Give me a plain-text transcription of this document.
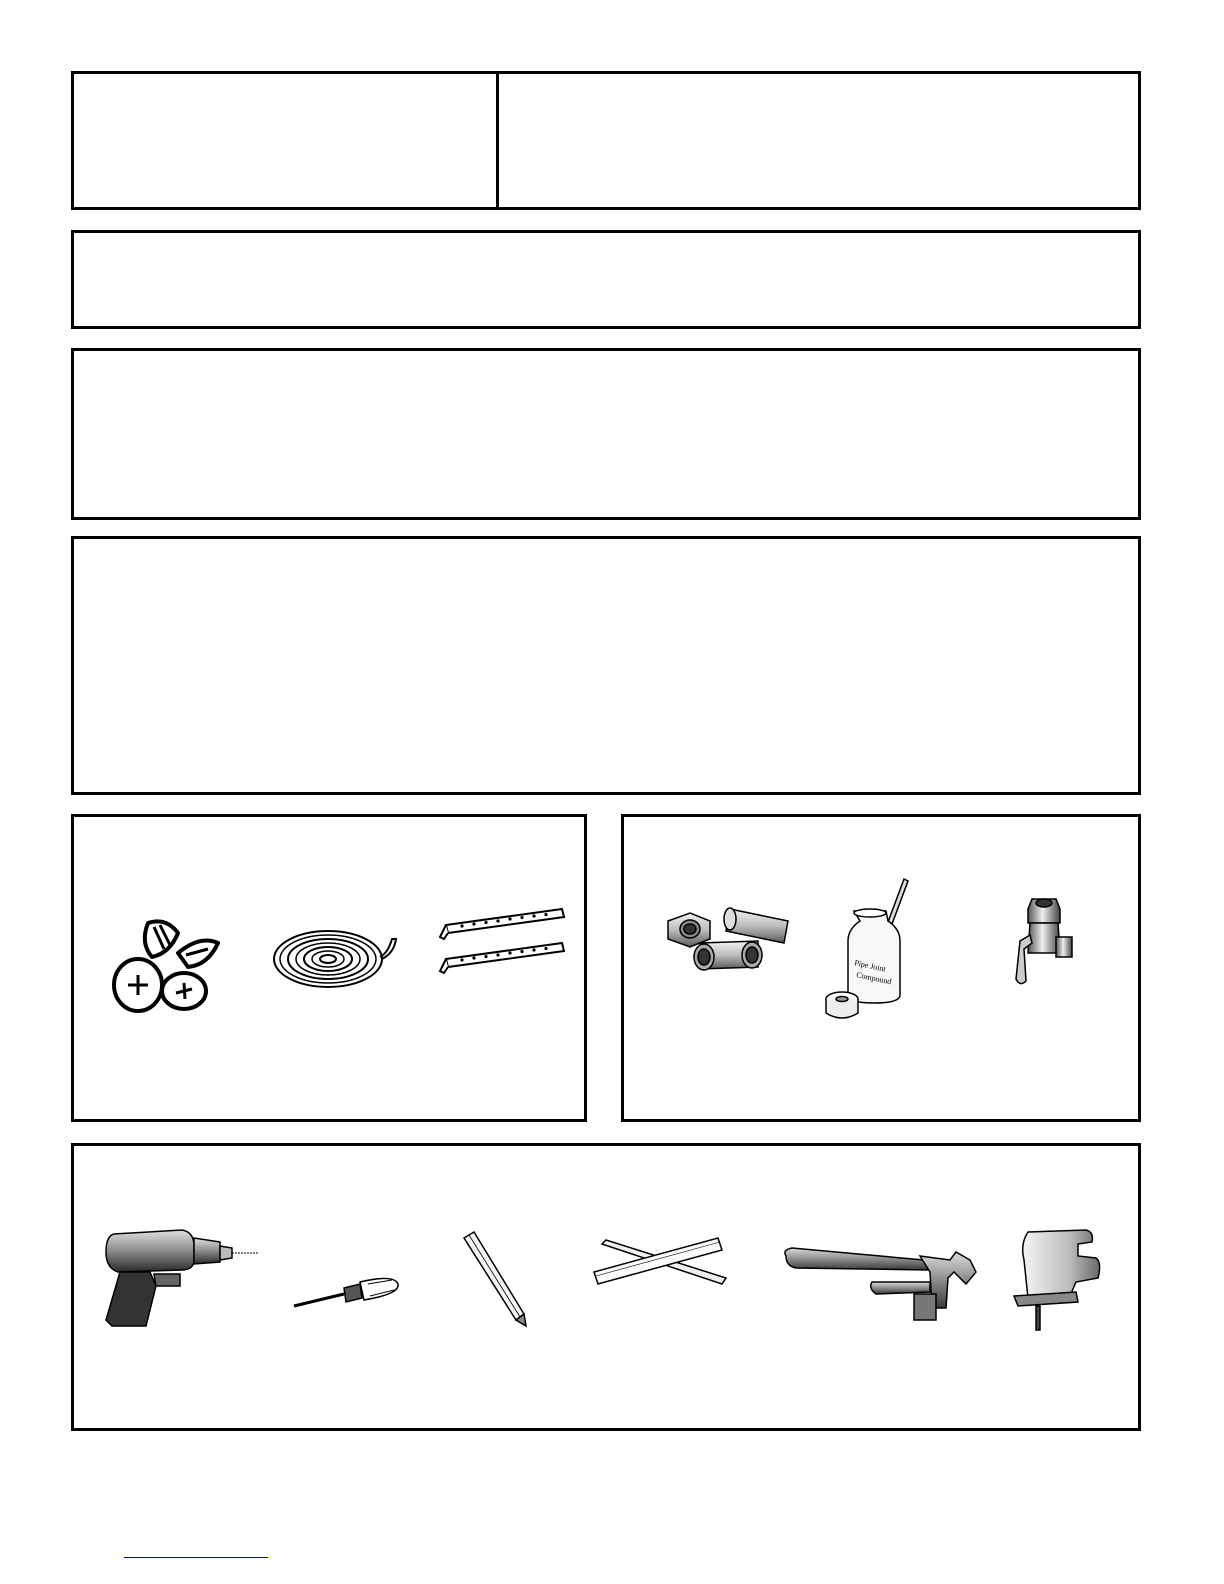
Pipe Joint
Compound
